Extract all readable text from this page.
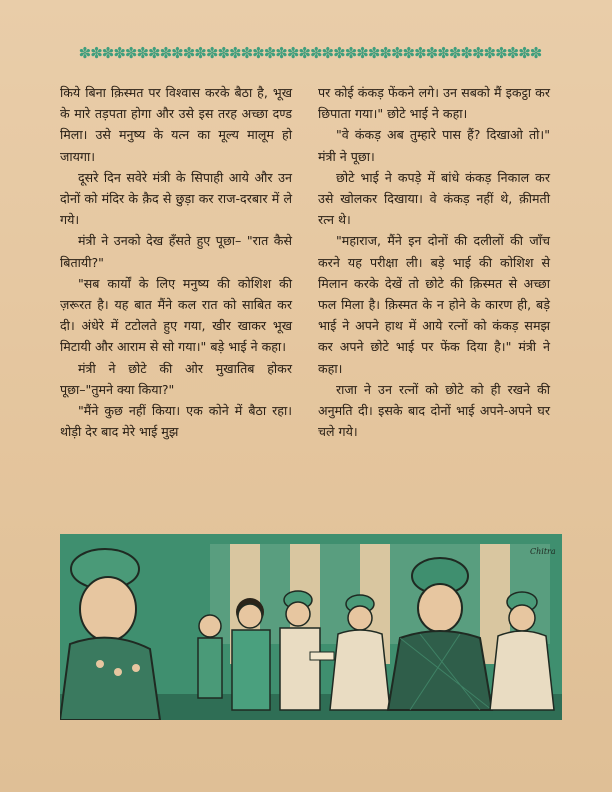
✽✽✽✽✽✽✽✽✽✽✽✽✽✽✽✽✽✽✽✽✽✽✽✽✽✽✽✽✽✽✽✽✽✽✽✽✽✽✽✽

किये बिना क़िस्मत पर विश्वास करके बैठा है, भूख के मारे तड़पता होगा और उसे इस तरह अच्छा दण्ड मिला। उसे मनुष्य के यत्न का मूल्य मालूम हो जायगा।

दूसरे दिन सवेरे मंत्री के सिपाही आये और उन दोनों को मंदिर के क़ैद से छुड़ा कर राज-दरबार में ले गये।

मंत्री ने उनको देख हँसते हुए पूछा– "रात कैसे बितायी?"

"सब कार्यों के लिए मनुष्य की कोशिश की ज़रूरत है। यह बात मैंने कल रात को साबित कर दी। अंधेरे में टटोलते हुए गया, खीर खाकर भूख मिटायी और आराम से सो गया।" बड़े भाई ने कहा।

मंत्री ने छोटे की ओर मुखातिब होकर पूछा–"तुमने क्या किया?"

"मैंने कुछ नहीं किया। एक कोने में बैठा रहा। थोड़ी देर बाद मेरे भाई मुझ

पर कोई कंकड़ फेंकने लगे। उन सबको मैं इकट्ठा कर छिपाता गया।" छोटे भाई ने कहा।

"वे कंकड़ अब तुम्हारे पास हैं? दिखाओ तो।" मंत्री ने पूछा।

छोटे भाई ने कपड़े में बांधे कंकड़ निकाल कर उसे खोलकर दिखाया। वे कंकड़ नहीं थे, क़ीमती रत्न थे।

"महाराज, मैंने इन दोनों की दलीलों की जाँच करने यह परीक्षा ली। बड़े भाई की कोशिश से मिलान करके देखें तो छोटे की क़िस्मत से अच्छा फल मिला है। क़िस्मत के न होने के कारण ही, बड़े भाई ने अपने हाथ में आये रत्नों को कंकड़ समझ कर अपने छोटे भाई पर फेंक दिया है।" मंत्री ने कहा।

राजा ने उन रत्नों को छोटे को ही रखने की अनुमति दी। इसके बाद दोनों भाई अपने-अपने घर चले गये।

Chitra
